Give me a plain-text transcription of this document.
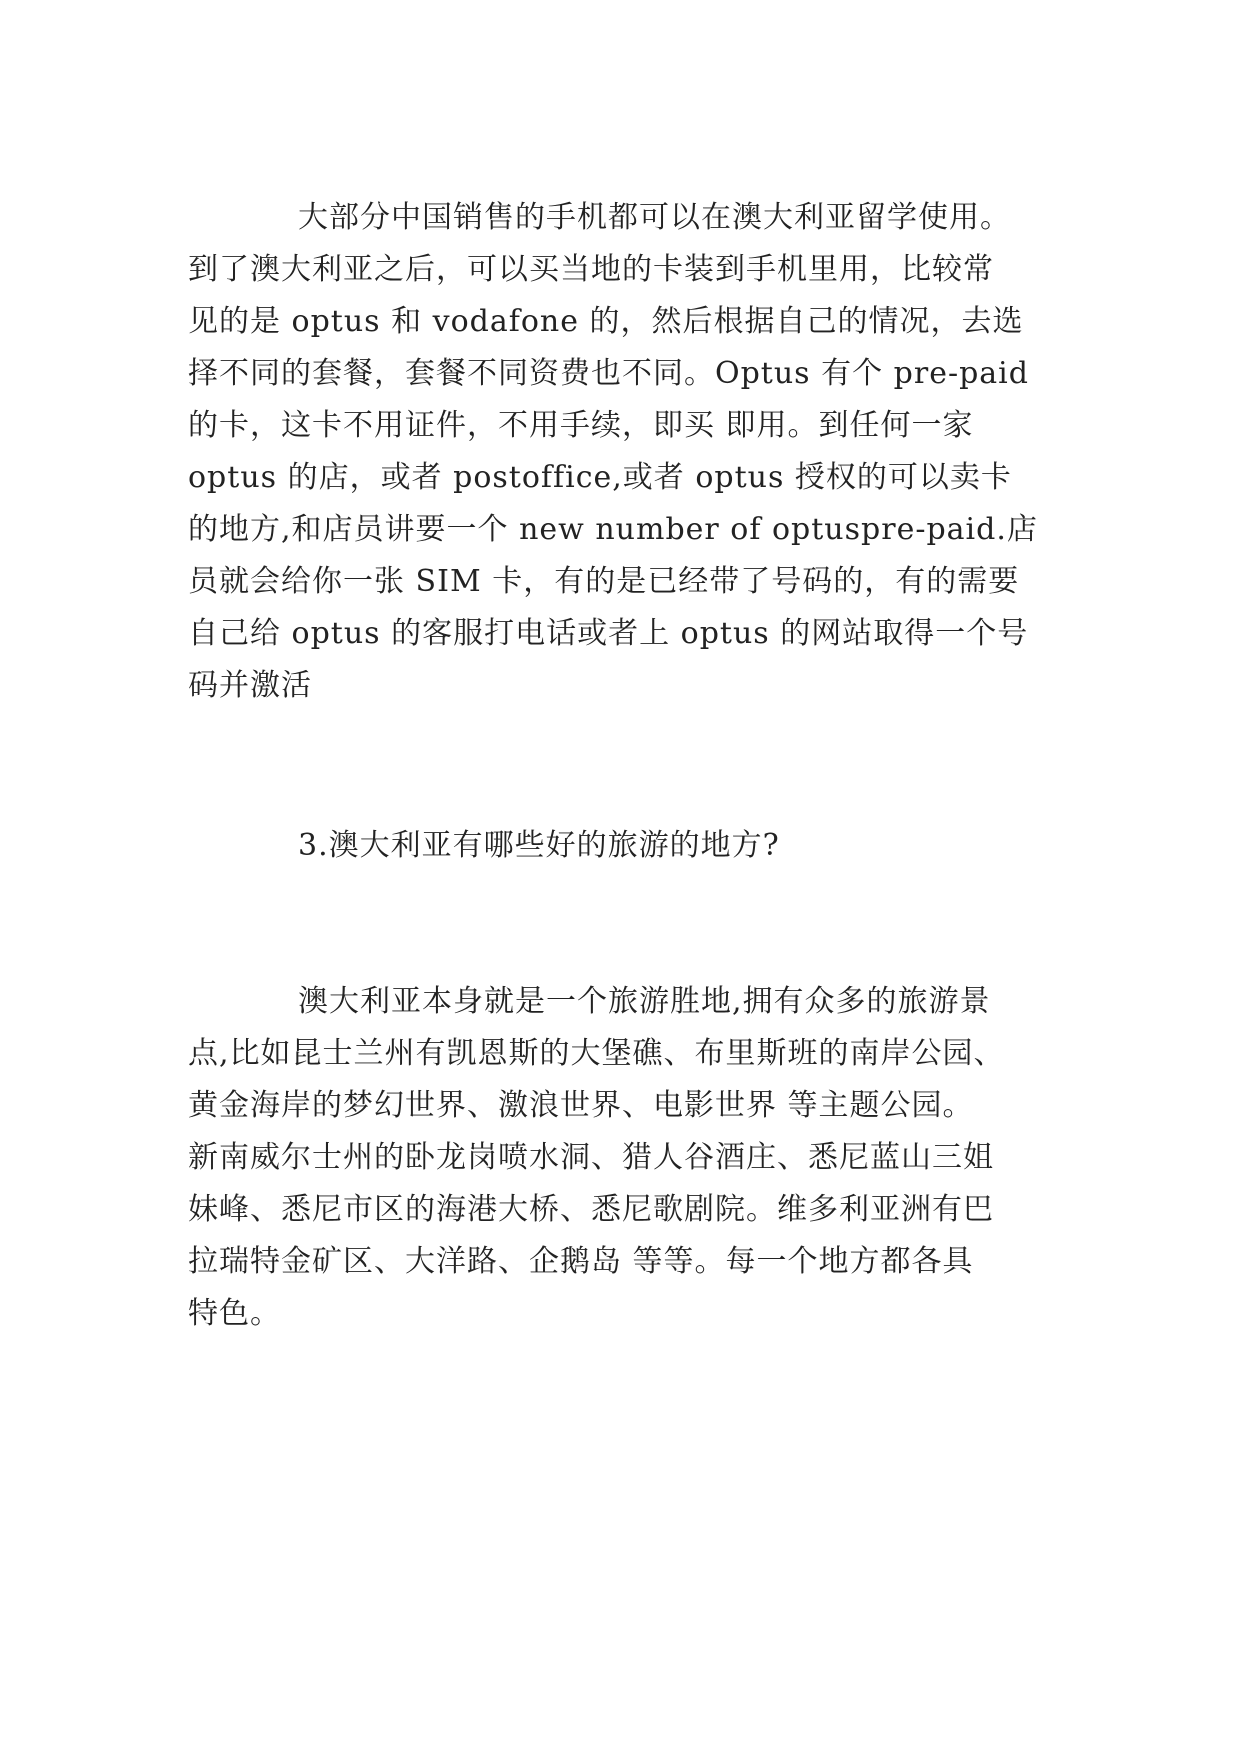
大部分中国销售的手机都可以在澳大利亚留学使用。

到了澳大利亚之后，可以买当地的卡装到手机里用，比较常

见的是 optus 和 vodafone 的，然后根据自己的情况，去选

择不同的套餐，套餐不同资费也不同。Optus 有个 pre-paid

的卡，这卡不用证件，不用手续，即买 即用。到任何一家

optus 的店，或者 postoffice,或者 optus 授权的可以卖卡

的地方,和店员讲要一个 new number of optuspre-paid.店

员就会给你一张 SIM 卡，有的是已经带了号码的，有的需要

自己给 optus 的客服打电话或者上 optus 的网站取得一个号

码并激活

3.澳大利亚有哪些好的旅游的地方?

澳大利亚本身就是一个旅游胜地,拥有众多的旅游景

点,比如昆士兰州有凯恩斯的大堡礁、布里斯班的南岸公园、

黄金海岸的梦幻世界、激浪世界、电影世界 等主题公园。

新南威尔士州的卧龙岗喷水洞、猎人谷酒庄、悉尼蓝山三姐

妹峰、悉尼市区的海港大桥、悉尼歌剧院。维多利亚洲有巴

拉瑞特金矿区、大洋路、企鹅岛 等等。每一个地方都各具

特色。
